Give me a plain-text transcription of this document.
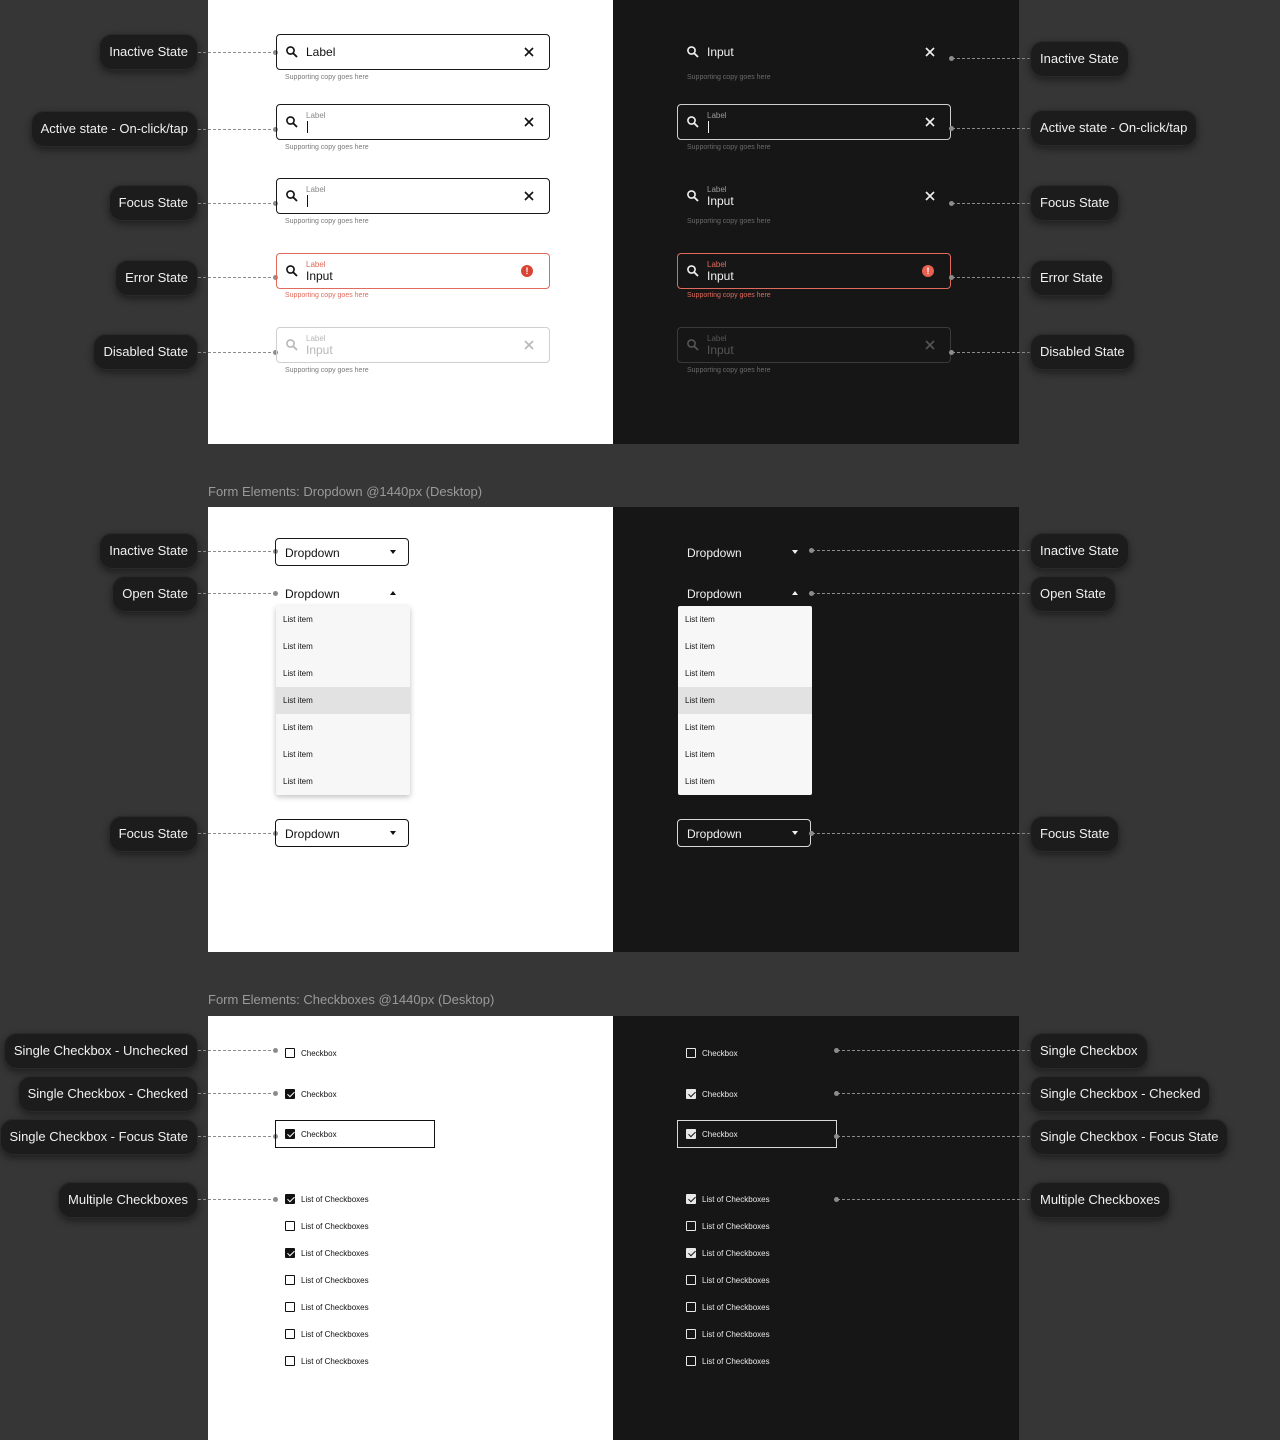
Form Elements: Dropdown @1440px (Desktop)
Form Elements: Checkboxes @1440px (Desktop)
Inactive State
Active state - On-click/tap
Focus State
Error State
Disabled State
Label
Supporting copy goes here
Label
Supporting copy goes here
Label
Supporting copy goes here
Label
Input	!
Supporting copy goes here
Label
Input
Supporting copy goes here
Input
Supporting copy goes here
Label
Supporting copy goes here
Label
Input
Supporting copy goes here
Label
Input	!
Supporting copy goes here
Label
Input
Supporting copy goes here
Inactive State
Active state - On-click/tap
Focus State
Error State
Disabled State
Inactive State
Open State
Focus State
Dropdown
Dropdown
List item
List item
List item
List item
List item
List item
List item
Dropdown
Dropdown
Dropdown
List item
List item
List item
List item
List item
List item
List item
Dropdown
Inactive State
Open State
Focus State
Single Checkbox - Unchecked
Single Checkbox - Checked
Single Checkbox - Focus State
Multiple Checkboxes
Checkbox
Checkbox
Checkbox
List of Checkboxes
List of Checkboxes
List of Checkboxes
List of Checkboxes
List of Checkboxes
List of Checkboxes
List of Checkboxes
Checkbox
Checkbox
Checkbox
List of Checkboxes
List of Checkboxes
List of Checkboxes
List of Checkboxes
List of Checkboxes
List of Checkboxes
List of Checkboxes
Single Checkbox
Single Checkbox - Checked
Single Checkbox - Focus State
Multiple Checkboxes
